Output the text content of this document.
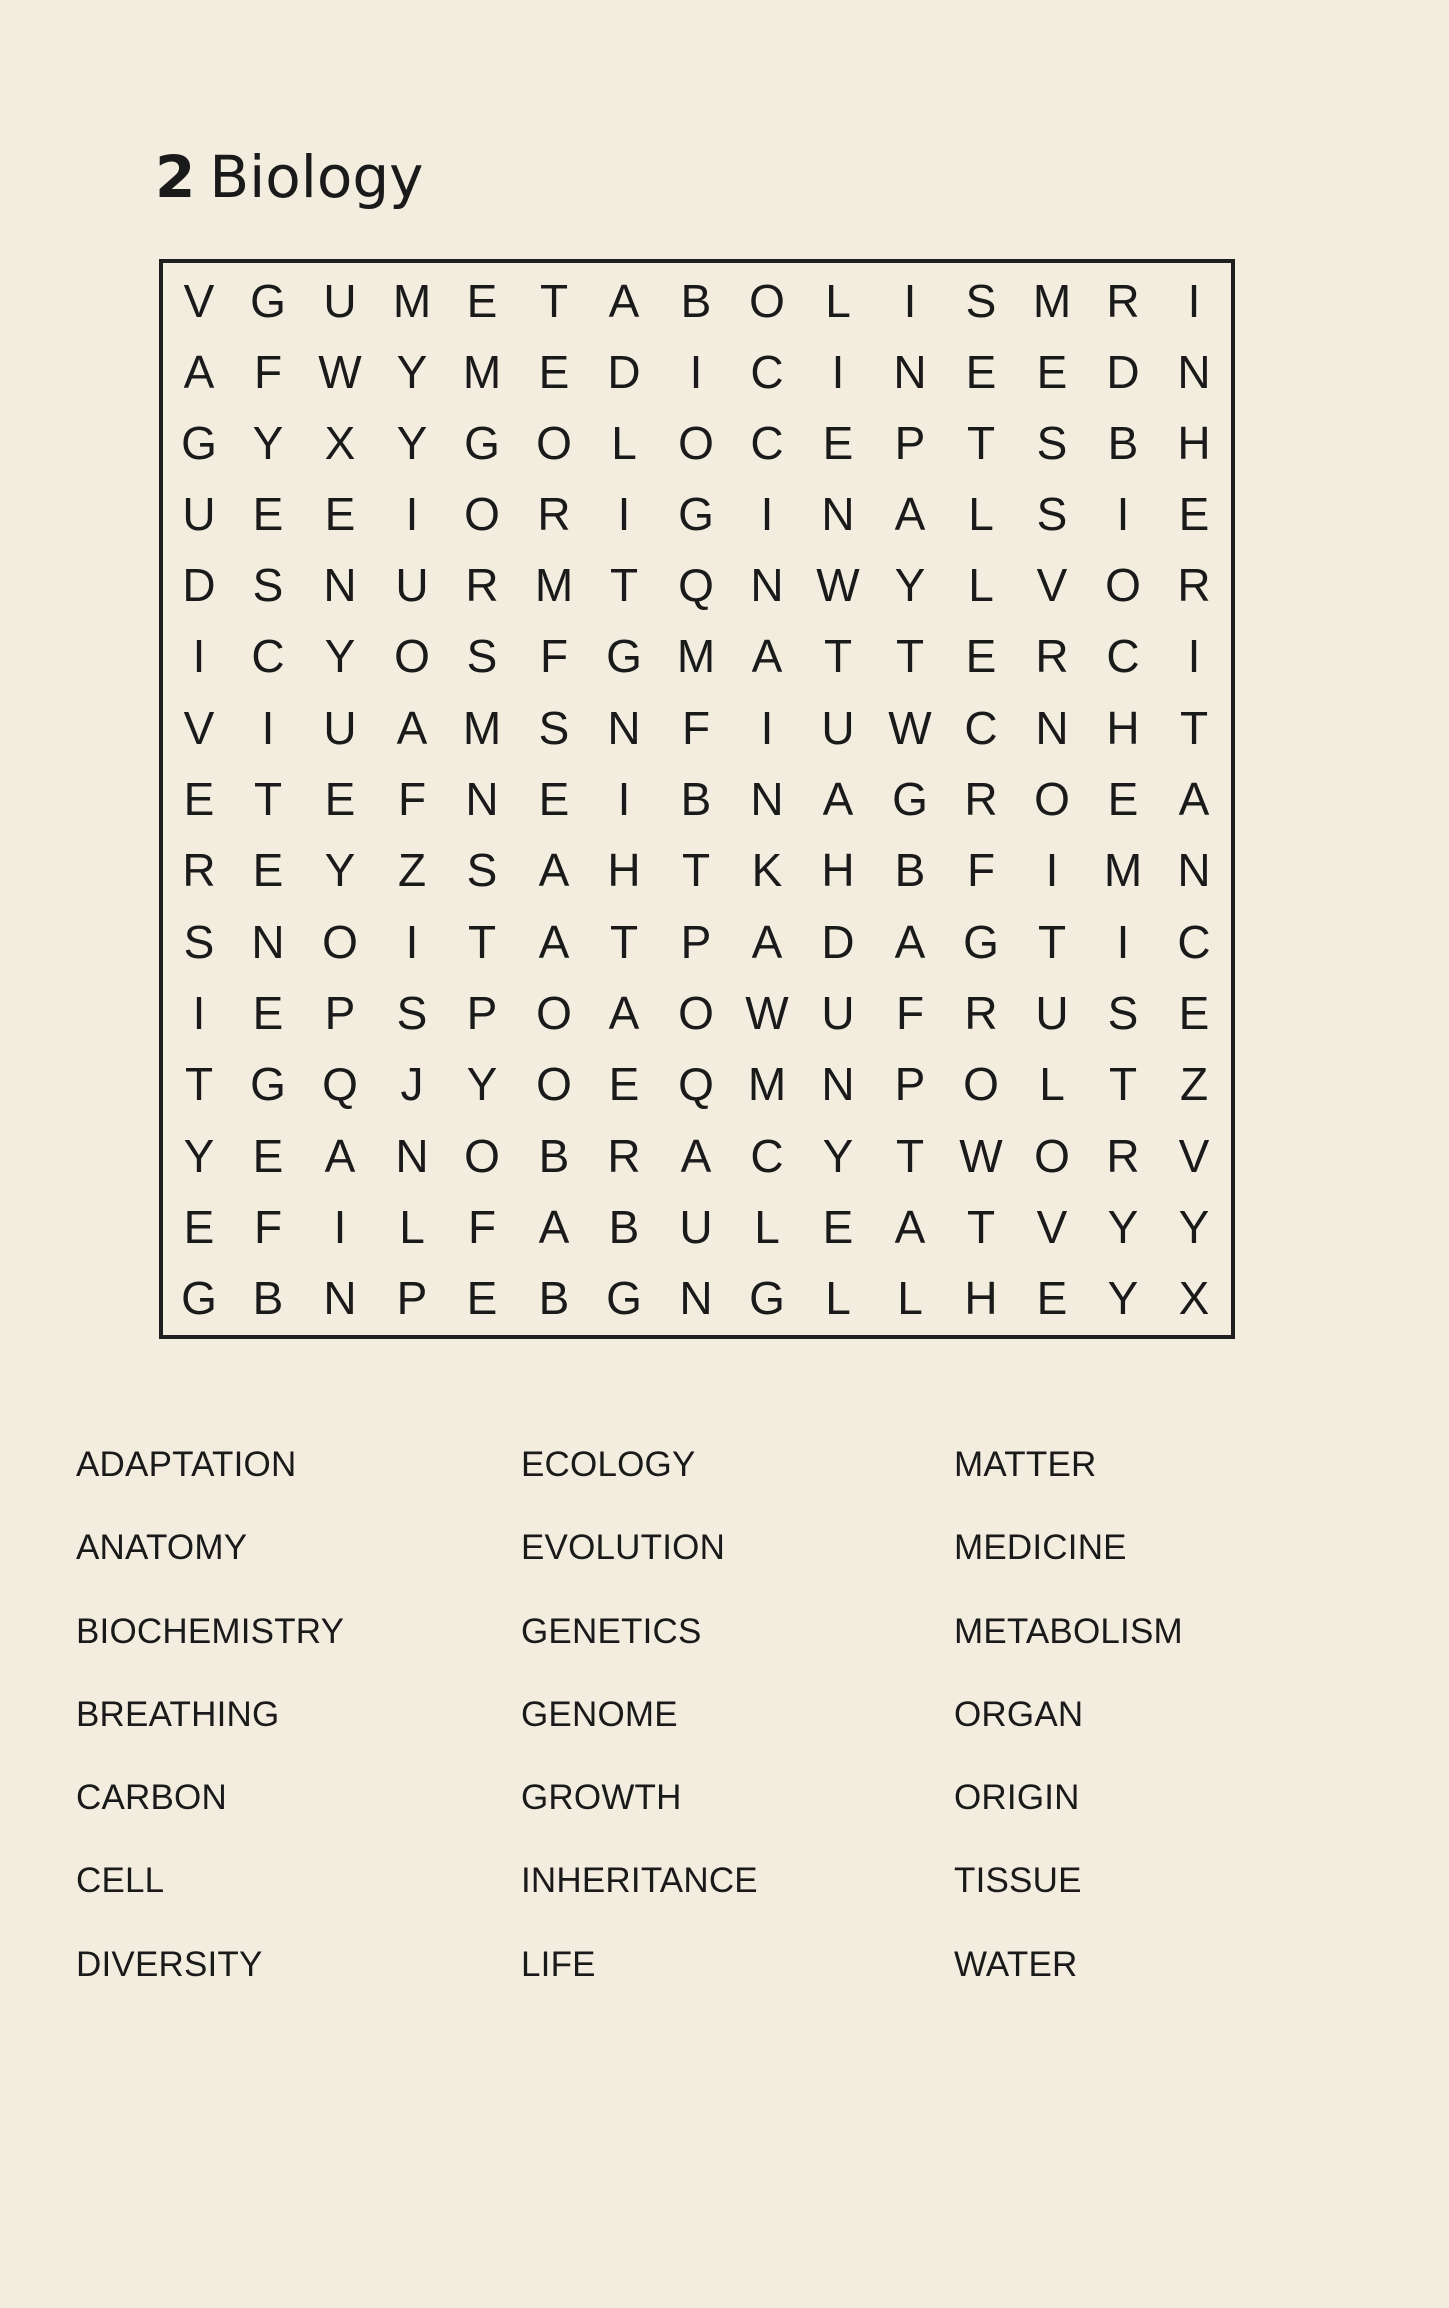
2 Biology
V G U M E T A B O L	I	S M R	I
A F W Y M E D	I	C	I	N E E D N
G Y X Y G O L O C E P T S B H
U E E	I O R	I	G	I	N A L S	I	E
D S N U R M T Q N W Y L V O R
I C Y O S F G M A T T E R C	I
V	I	U A M S N F	I	U W C N H T
E T E F N E	I	B N A G R O E A
R E Y Z S A H T K H B F	I M N
S N O	I	T A T P A D A G T	I	C
I	E P S P O A O W U F R U S E
T G Q J Y O E Q M N P O L T Z
Y E A N O B R A C Y T W O R V
E F	I	L F A B U L E A T V Y Y
G B N P E B G N G L	L H E Y X
ADAPTATION
ANATOMY
BIOCHEMISTRY
BREATHING
CARBON
CELL
DIVERSITY
ECOLOGY
EVOLUTION
GENETICS
GENOME
GROWTH
INHERITANCE
LIFE
MATTER
MEDICINE
METABOLISM
ORGAN
ORIGIN
TISSUE
WATER
